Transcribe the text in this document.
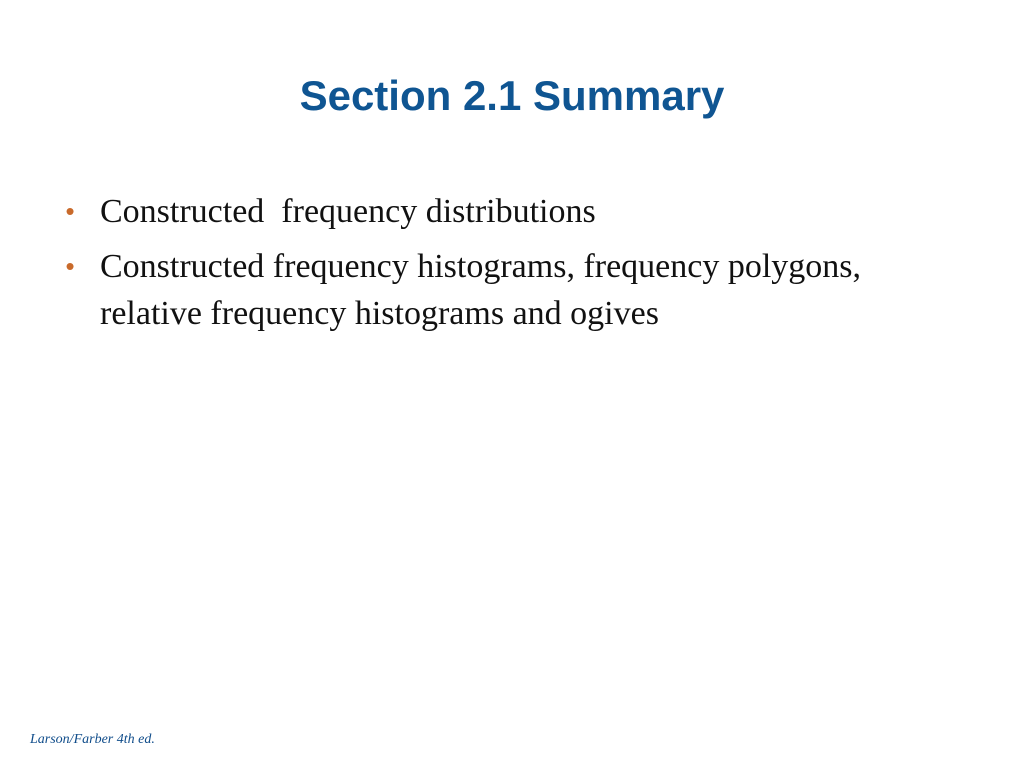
Section 2.1 Summary
• Constructed  frequency distributions
• Constructed frequency histograms, frequency polygons, relative frequency histograms and ogives
Larson/Farber 4th ed.
